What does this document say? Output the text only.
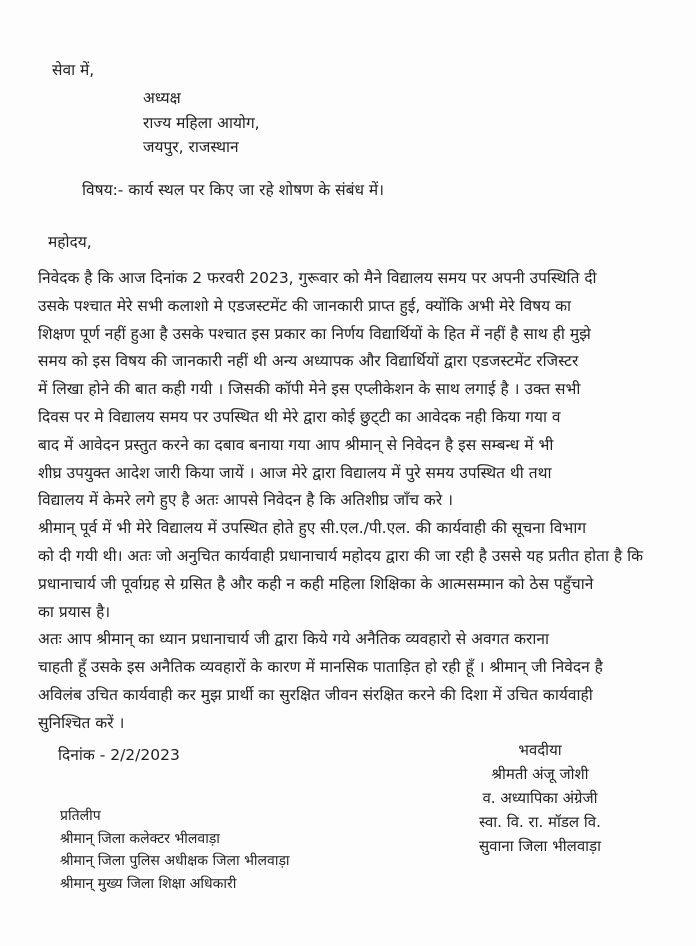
सेवा में,
अध्यक्ष
राज्य महिला आयोग,
जयपुर, राजस्थान
विषय:- कार्य स्थल पर किए जा रहे शोषण के संबंध में।
महोदय,
निवेदक है कि आज दिनांक 2 फरवरी 2023, गुरूवार को मैने विद्यालय समय पर अपनी उपस्थिति दी
उसके पश्चात मेरे सभी कलाशो मे एडजस्टमेंट की जानकारी प्राप्त हुई, क्योंकि अभी मेरे विषय का
शिक्षण पूर्ण नहीं हुआ है उसके पश्चात इस प्रकार का निर्णय विद्यार्थियों के हित में नहीं है साथ ही मुझे
समय को इस विषय की जानकारी नहीं थी अन्य अध्यापक और विद्यार्थियों द्वारा एडजस्टमेंट रजिस्टर
में लिखा होने की बात कही गयी । जिसकी कॉपी मेने इस एप्लीकेशन के साथ लगाई है । उक्त सभी
दिवस पर मे विद्यालय समय पर उपस्थित थी मेरे द्वारा कोई छुट्‌टी का आवेदक नही किया गया व
बाद में आवेदन प्रस्तुत करने का दबाव बनाया गया आप श्रीमान् से निवेदन है इस सम्बन्ध में भी
शीघ्र उपयुक्त आदेश जारी किया जायें । आज मेरे द्वारा विद्यालय में पुरे समय उपस्थित थी तथा
विद्यालय में केमरे लगे हुए है अतः आपसे निवेदन है कि अतिशीघ्र जाँच करे ।
श्रीमान् पूर्व में भी मेरे विद्यालय में उपस्थित होते हुए सी.एल./पी.एल. की कार्यवाही की सूचना विभाग
को दी गयी थी। अतः जो अनुचित कार्यवाही प्रधानाचार्य महोदय द्वारा की जा रही है उससे यह प्रतीत होता है कि
प्रधानाचार्य जी पूर्वाग्रह से ग्रसित है और कही न कही महिला शिक्षिका के आत्मसम्मान को ठेस पहुँचाने
का प्रयास है।
अतः आप श्रीमान् का ध्यान प्रधानाचार्य जी द्वारा किये गये अनैतिक व्यवहारो से अवगत कराना
चाहती हूँ उसके इस अनैतिक व्यवहारों के कारण में मानसिक पाताड़ित हो रही हूँ । श्रीमान् जी निवेदन है
अविलंब उचित कार्यवाही कर मुझ प्रार्थी का सुरक्षित जीवन संरक्षित करने की दिशा में उचित कार्यवाही
सुनिश्चित करें ।
दिनांक - 2/2/2023	भवदीया
श्रीमती अंजू जोशी
व. अध्यापिका अंग्रेजी
स्वा. वि. रा. मॉडल वि.
सुवाना जिला भीलवाड़ा
प्रतिलीप
श्रीमान् जिला कलेक्टर भीलवाड़ा
श्रीमान् जिला पुलिस अधीक्षक जिला भीलवाड़ा
श्रीमान् मुख्य जिला शिक्षा अधिकारी
